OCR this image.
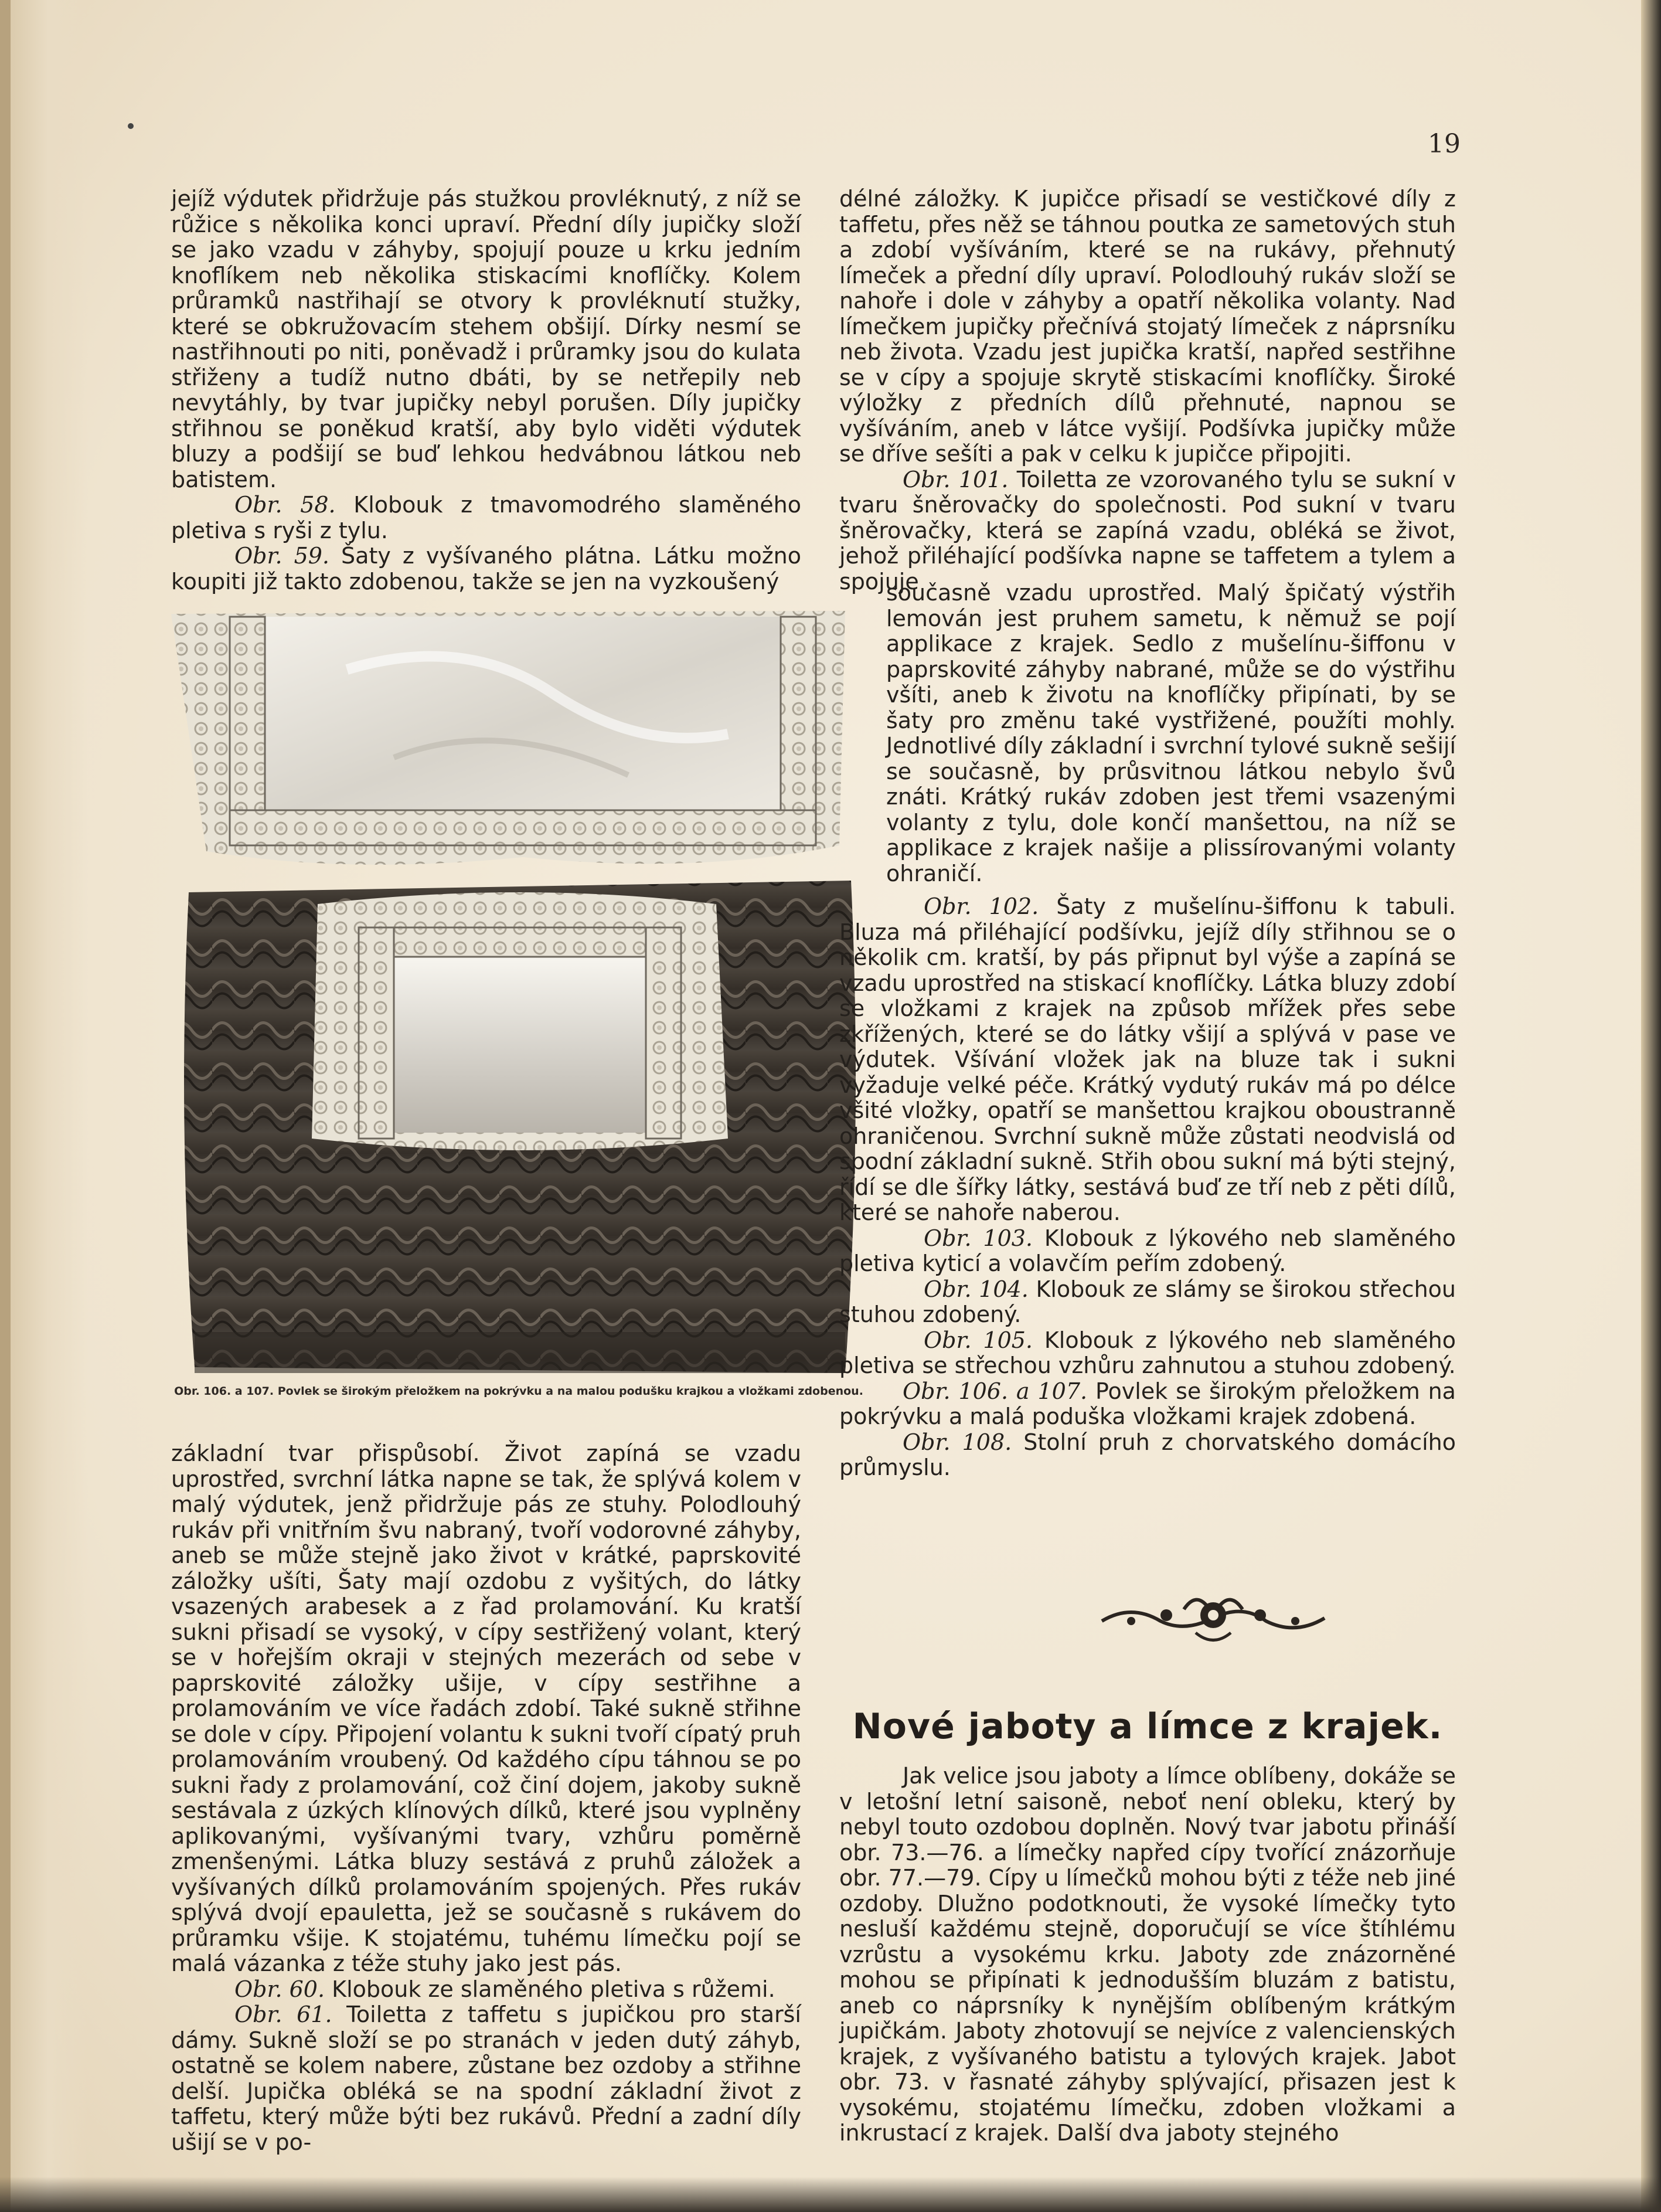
19

jejíž výdutek přidržuje pás stužkou provléknutý, z níž se růžice s několika konci upraví. Přední díly jupičky složí se jako vzadu v záhyby, spojují pouze u krku jedním knoflíkem neb několika stiskacími knoflíčky. Kolem průramků nastřihají se otvory k provléknutí stužky, které se obkružovacím stehem obšijí. Dírky nesmí se nastřihnouti po niti, poněvadž i průramky jsou do kulata střiženy a tudíž nutno dbáti, by se netřepily neb nevytáhly, by tvar jupičky nebyl porušen. Díly jupičky střihnou se poněkud kratší, aby bylo viděti výdutek bluzy a podšijí se buď lehkou hedvábnou látkou neb batistem.

Obr. 58. Klobouk z tmavomodrého slaměného pletiva s ryši z tylu.

Obr. 59. Šaty z vyšívaného plátna. Látku možno koupiti již takto zdobenou, takže se jen na vyzkoušený

Obr. 106. a 107. Povlek se širokým přeložkem na pokrývku a na malou podušku krajkou a vložkami zdobenou.

základní tvar přispůsobí. Život zapíná se vzadu uprostřed, svrchní látka napne se tak, že splývá kolem v malý výdutek, jenž přidržuje pás ze stuhy. Polodlouhý rukáv při vnitřním švu nabraný, tvoří vodorovné záhyby, aneb se může stejně jako život v krátké, paprskovité záložky ušíti, Šaty mají ozdobu z vyšitých, do látky vsazených arabesek a z řad prolamování. Ku kratší sukni přisadí se vysoký, v cípy sestřižený volant, který se v hořejším okraji v stejných mezerách od sebe v paprskovité záložky ušije, v cípy sestřihne a prolamováním ve více řadách zdobí. Také sukně střihne se dole v cípy. Připojení volantu k sukni tvoří cípatý pruh prolamováním vroubený. Od každého cípu táhnou se po sukni řady z prolamování, což činí dojem, jakoby sukně sestávala z úzkých klínových dílků, které jsou vyplněny aplikovanými, vyšívanými tvary, vzhůru poměrně zmenšenými. Látka bluzy sestává z pruhů záložek a vyšívaných dílků prolamováním spojených. Přes rukáv splývá dvojí epauletta, jež se současně s rukávem do průramku všije. K stojatému, tuhému límečku pojí se malá vázanka z téže stuhy jako jest pás.

Obr. 60. Klobouk ze slaměného pletiva s růžemi.

Obr. 61. Toiletta z taffetu s jupičkou pro starší dámy. Sukně složí se po stranách v jeden dutý záhyb, ostatně se kolem nabere, zůstane bez ozdoby a střihne delší. Jupička obléká se na spodní základní život z taffetu, který může býti bez rukávů. Přední a zadní díly ušijí se v po-

délné záložky. K jupičce přisadí se vestičkové díly z taffetu, přes něž se táhnou poutka ze sametových stuh a zdobí vyšíváním, které se na rukávy, přehnutý límeček a přední díly upraví. Polodlouhý rukáv složí se nahoře i dole v záhyby a opatří několika volanty. Nad límečkem jupičky přečnívá stojatý límeček z náprsníku neb života. Vzadu jest jupička kratší, napřed sestřihne se v cípy a spojuje skrytě stiskacími knoflíčky. Široké výložky z předních dílů přehnuté, napnou se vyšíváním, aneb v látce vyšijí. Podšívka jupičky může se dříve sešíti a pak v celku k jupičce připojiti.

Obr. 101. Toiletta ze vzorovaného tylu se sukní v tvaru šněrovačky do společnosti. Pod sukní v tvaru šněrovačky, která se zapíná vzadu, obléká se život, jehož přiléhající podšívka napne se taffetem a tylem a spojuje

současně vzadu uprostřed. Malý špičatý výstřih lemován jest pruhem sametu, k němuž se pojí applikace z krajek. Sedlo z mušelínu-šiffonu v paprskovité záhyby nabrané, může se do výstřihu všíti, aneb k životu na knoflíčky připínati, by se šaty pro změnu také vystřižené, použíti mohly. Jednotlivé díly základní i svrchní tylové sukně sešijí se současně, by průsvitnou látkou nebylo švů znáti. Krátký rukáv zdoben jest třemi vsazenými volanty z tylu, dole končí manšettou, na níž se applikace z krajek našije a plissírovanými volanty ohraničí.

Obr. 102. Šaty z mušelínu-šiffonu k tabuli. Bluza má přiléhající podšívku, jejíž díly střihnou se o několik cm. kratší, by pás připnut byl výše a zapíná se vzadu uprostřed na stiskací knoflíčky. Látka bluzy zdobí se vložkami z krajek na způsob mřížek přes sebe zkřížených, které se do látky všijí a splývá v pase ve výdutek. Všívání vložek jak na bluze tak i sukni vyžaduje velké péče. Krátký vydutý rukáv má po délce všité vložky, opatří se manšettou krajkou oboustranně ohraničenou. Svrchní sukně může zůstati neodvislá od spodní základní sukně. Střih obou sukní má býti stejný, řídí se dle šířky látky, sestává buď ze tří neb z pěti dílů, které se nahoře naberou.

Obr. 103. Klobouk z lýkového neb slaměného pletiva kyticí a volavčím peřím zdobený.

Obr. 104. Klobouk ze slámy se širokou střechou stuhou zdobený.

Obr. 105. Klobouk z lýkového neb slaměného pletiva se střechou vzhůru zahnutou a stuhou zdobený.

Obr. 106. a 107. Povlek se širokým přeložkem na pokrývku a malá poduška vložkami krajek zdobená.

Obr. 108. Stolní pruh z chorvatského domácího průmyslu.

Nové jaboty a límce z krajek.

Jak velice jsou jaboty a límce oblíbeny, dokáže se v letošní letní saisoně, neboť není obleku, který by nebyl touto ozdobou doplněn. Nový tvar jabotu přináší obr. 73.—76. a límečky napřed cípy tvořící znázorňuje obr. 77.—79. Cípy u límečků mohou býti z téže neb jiné ozdoby. Dlužno podotknouti, že vysoké límečky tyto nesluší každému stejně, doporučují se více štíhlému vzrůstu a vysokému krku. Jaboty zde znázorněné mohou se připínati k jednodušším bluzám z batistu, aneb co náprsníky k nynějším oblíbeným krátkým jupičkám. Jaboty zhotovují se nejvíce z valencienských krajek, z vyšívaného batistu a tylových krajek. Jabot obr. 73. v řasnaté záhyby splývající, přisazen jest k vysokému, stojatému límečku, zdoben vložkami a inkrustací z krajek. Další dva jaboty stejného
